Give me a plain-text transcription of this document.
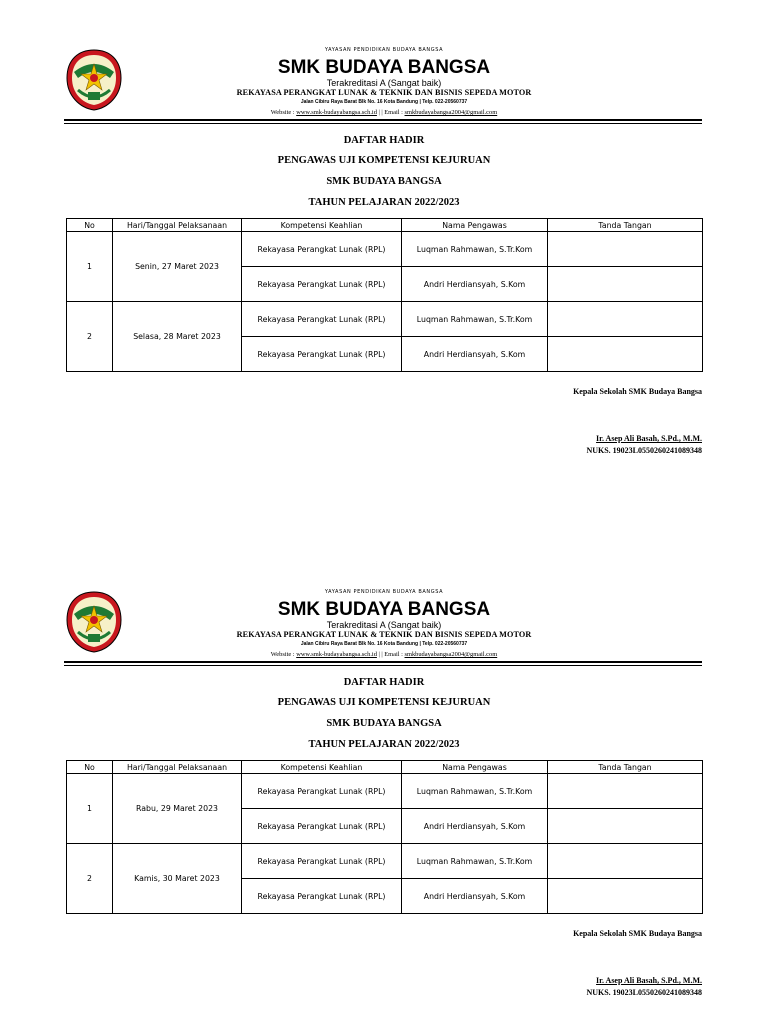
YAYASAN PENDIDIKAN BUDAYA BANGSA
SMK BUDAYA BANGSA
Terakreditasi A (Sangat baik)
REKAYASA PERANGKAT LUNAK & TEKNIK DAN BISNIS SEPEDA MOTOR
Jalan Cibiru Raya Barat Blk No. 16 Kota Bandung | Telp. 022-20560737
Website : www.smk-budayabangsa.sch.id | | Email : smkbudayabangsa2004@gmail.com
DAFTAR HADIR
PENGAWAS UJI KOMPETENSI KEJURUAN
SMK BUDAYA BANGSA
TAHUN PELAJARAN 2022/2023
No	Hari/Tanggal Pelaksanaan	Kompetensi Keahlian	Nama Pengawas	Tanda Tangan
1	Senin, 27 Maret 2023	Rekayasa Perangkat Lunak (RPL)	Luqman Rahmawan, S.Tr.Kom	
		Rekayasa Perangkat Lunak (RPL)	Andri Herdiansyah, S.Kom	
2	Selasa, 28 Maret 2023	Rekayasa Perangkat Lunak (RPL)	Luqman Rahmawan, S.Tr.Kom	
		Rekayasa Perangkat Lunak (RPL)	Andri Herdiansyah, S.Kom	
Kepala Sekolah SMK Budaya Bangsa
Ir. Asep Ali Basah, S.Pd., M.M.
NUKS. 19023L0550260241089348
YAYASAN PENDIDIKAN BUDAYA BANGSA
SMK BUDAYA BANGSA
Terakreditasi A (Sangat baik)
REKAYASA PERANGKAT LUNAK & TEKNIK DAN BISNIS SEPEDA MOTOR
Jalan Cibiru Raya Barat Blk No. 16 Kota Bandung | Telp. 022-20560737
Website : www.smk-budayabangsa.sch.id | | Email : smkbudayabangsa2004@gmail.com
DAFTAR HADIR
PENGAWAS UJI KOMPETENSI KEJURUAN
SMK BUDAYA BANGSA
TAHUN PELAJARAN 2022/2023
No	Hari/Tanggal Pelaksanaan	Kompetensi Keahlian	Nama Pengawas	Tanda Tangan
1	Rabu, 29 Maret 2023	Rekayasa Perangkat Lunak (RPL)	Luqman Rahmawan, S.Tr.Kom	
		Rekayasa Perangkat Lunak (RPL)	Andri Herdiansyah, S.Kom	
2	Kamis, 30 Maret 2023	Rekayasa Perangkat Lunak (RPL)	Luqman Rahmawan, S.Tr.Kom	
		Rekayasa Perangkat Lunak (RPL)	Andri Herdiansyah, S.Kom	
Kepala Sekolah SMK Budaya Bangsa
Ir. Asep Ali Basah, S.Pd., M.M.
NUKS. 19023L0550260241089348
